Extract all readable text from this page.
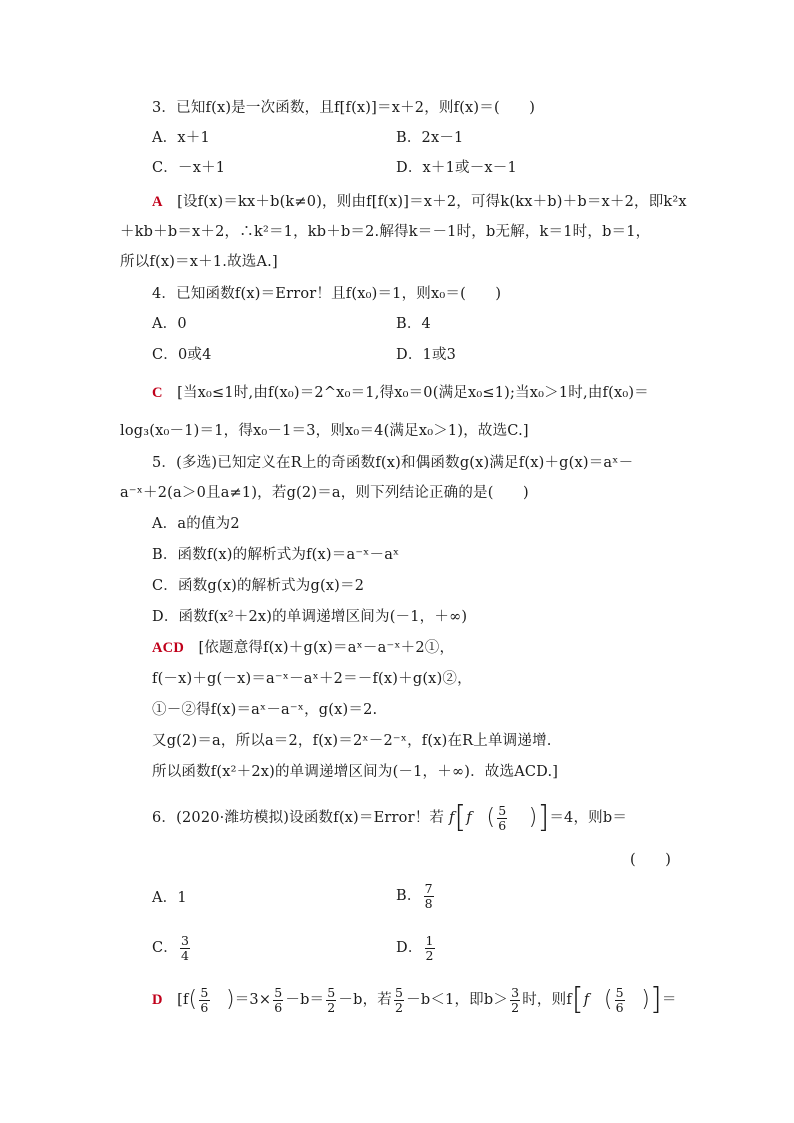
3．已知f(x)是一次函数，且f[f(x)]＝x＋2，则f(x)＝(　　)
A．x＋1	B．2x－1
C．－x＋1	D．x＋1或－x－1
A [设f(x)＝kx＋b(k≠0)，则由f[f(x)]＝x＋2，可得k(kx＋b)＋b＝x＋2，即k²x
＋kb＋b＝x＋2，∴k²＝1，kb＋b＝2.解得k＝－1时，b无解，k＝1时，b＝1，
所以f(x)＝x＋1.故选A.]
4．已知函数f(x)＝Error！且f(x₀)＝1，则x₀＝(　　)
A．0	B．4
C．0或4	D．1或3
C [当x₀≤1时,由f(x₀)＝2^x₀＝1,得x₀＝0(满足x₀≤1);当x₀＞1时,由f(x₀)＝
log₃(x₀－1)＝1，得x₀－1＝3，则x₀＝4(满足x₀＞1)，故选C.]
5．(多选)已知定义在R上的奇函数f(x)和偶函数g(x)满足f(x)＋g(x)＝aˣ－
a⁻ˣ＋2(a＞0且a≠1)，若g(2)＝a，则下列结论正确的是(　　)
A．a的值为2
B．函数f(x)的解析式为f(x)＝a⁻ˣ－aˣ
C．函数g(x)的解析式为g(x)＝2
D．函数f(x²＋2x)的单调递增区间为(－1，＋∞)
ACD [依题意得f(x)＋g(x)＝aˣ－a⁻ˣ＋2①，
f(－x)＋g(－x)＝a⁻ˣ－aˣ＋2＝－f(x)＋g(x)②，
①－②得f(x)＝aˣ－a⁻ˣ，g(x)＝2.
又g(2)＝a，所以a＝2，f(x)＝2ˣ－2⁻ˣ，f(x)在R上单调递增.
所以函数f(x²＋2x)的单调递增区间为(－1，＋∞)．故选ACD.]
6．(2020·潍坊模拟)设函数f(x)＝Error！若 f[f ( $\frac{5}{6} )]=4$，则b＝
(　　)
A．1	B． $\frac{7}{8}$
C． $\frac{3}{4}$	D． $\frac{1}{2}$
D [$f( \frac{5}{6} )=3\times \frac{5}{6} -b= \frac{5}{2} -b$，若 $\frac{5}{2} -b<1$，即$b> \frac{3}{2}$ 时，则f[f ( $\frac{5}{6}$ )]＝
